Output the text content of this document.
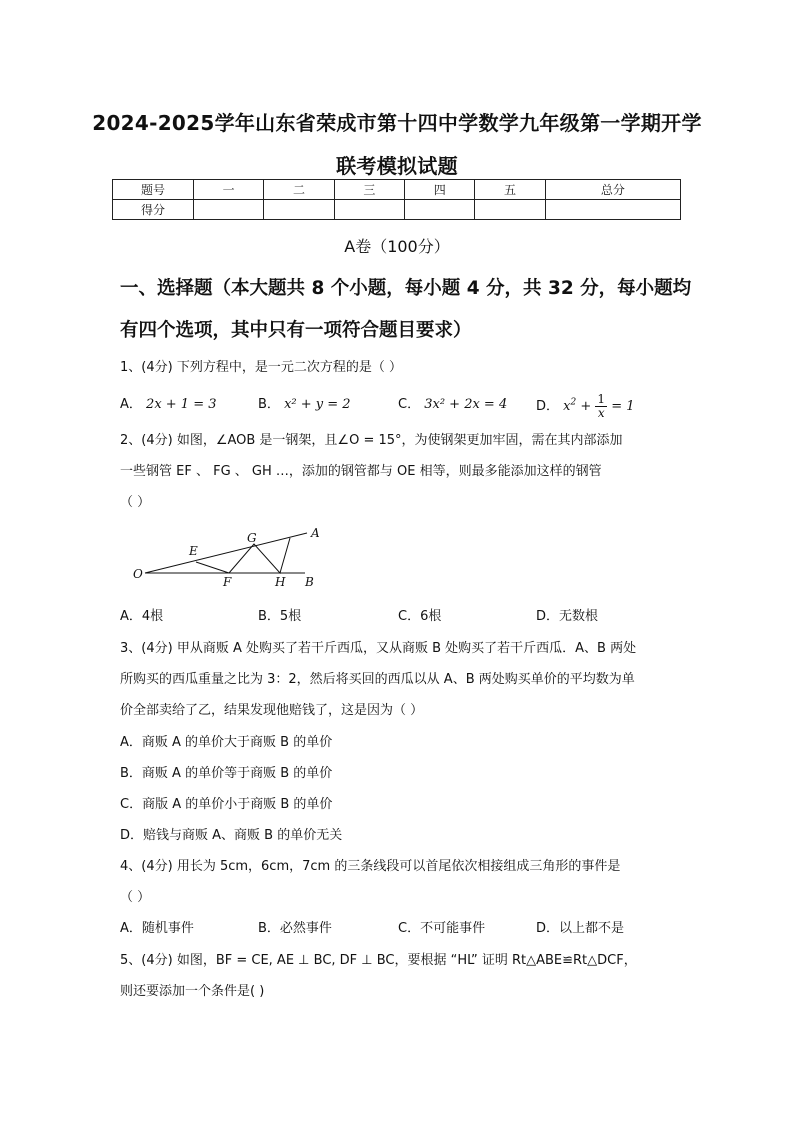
2024-2025学年山东省荣成市第十四中学数学九年级第一学期开学
联考模拟试题
题号	一	二	三	四	五	总分
得分						
A卷（100分）
一、选择题（本大题共 8 个小题，每小题 4 分，共 32 分，每小题均
有四个选项，其中只有一项符合题目要求）
1、(4分) 下列方程中，是一元二次方程的是（ ）
A． 2x + 1 = 3	B． x² + y = 2	C． 3x² + 2x = 4 D． $x^2 + \frac{1}{x} = 1$
2、(4分) 如图，∠AOB 是一钢架，且∠O = 15°，为使钢架更加牢固，需在其内部添加
一些钢管 EF 、 FG 、 GH …，添加的钢管都与 OE 相等，则最多能添加这样的钢管
（ ）
O
E
G	A
F	H B
A．4根	B．5根	C．6根	D．无数根
3、(4分) 甲从商贩 A 处购买了若干斤西瓜，又从商贩 B 处购买了若干斤西瓜．A、B 两处
所购买的西瓜重量之比为 3：2，然后将买回的西瓜以从 A、B 两处购买单价的平均数为单
价全部卖给了乙，结果发现他赔钱了，这是因为（ ）
A．商贩 A 的单价大于商贩 B 的单价
B．商贩 A 的单价等于商贩 B 的单价
C．商版 A 的单价小于商贩 B 的单价
D．赔钱与商贩 A、商贩 B 的单价无关
4、(4分) 用长为 5cm，6cm，7cm 的三条线段可以首尾依次相接组成三角形的事件是
（ ）
A．随机事件	B．必然事件	C．不可能事件	D．以上都不是
5、(4分) 如图，BF = CE, AE ⊥ BC, DF ⊥ BC，要根据 “HL” 证明 Rt△ABE≌Rt△DCF，
则还要添加一个条件是( )
